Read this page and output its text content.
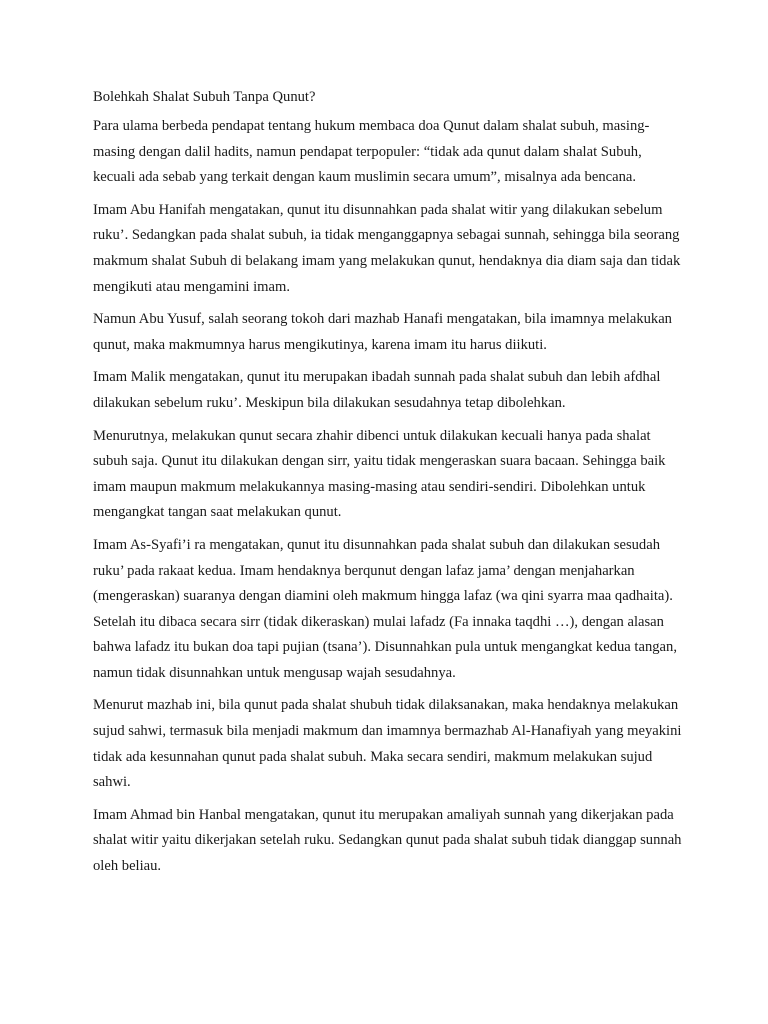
Bolehkah Shalat Subuh Tanpa Qunut?

Para ulama berbeda pendapat tentang hukum membaca doa Qunut dalam shalat subuh, masing-masing dengan dalil hadits, namun pendapat terpopuler: “tidak ada qunut dalam shalat Subuh, kecuali ada sebab yang terkait dengan kaum muslimin secara umum”, misalnya ada bencana.

Imam Abu Hanifah mengatakan, qunut itu disunnahkan pada shalat witir yang dilakukan sebelum ruku’. Sedangkan pada shalat subuh, ia tidak menganggapnya sebagai sunnah, sehingga bila seorang makmum shalat Subuh di belakang imam yang melakukan qunut, hendaknya dia diam saja dan tidak mengikuti atau mengamini imam.

Namun Abu Yusuf, salah seorang tokoh dari mazhab Hanafi mengatakan, bila imamnya melakukan qunut, maka makmumnya harus mengikutinya, karena imam itu harus diikuti.

Imam Malik mengatakan, qunut itu merupakan ibadah sunnah pada shalat subuh dan lebih afdhal dilakukan sebelum ruku’. Meskipun bila dilakukan sesudahnya tetap dibolehkan.

Menurutnya, melakukan qunut secara zhahir dibenci untuk dilakukan kecuali hanya pada shalat subuh saja. Qunut itu dilakukan dengan sirr, yaitu tidak mengeraskan suara bacaan. Sehingga baik imam maupun makmum melakukannya masing-masing atau sendiri-sendiri. Dibolehkan untuk mengangkat tangan saat melakukan qunut.

Imam As-Syafi’i ra mengatakan, qunut itu disunnahkan pada shalat subuh dan dilakukan sesudah ruku’ pada rakaat kedua. Imam hendaknya berqunut dengan lafaz jama’ dengan menjaharkan (mengeraskan) suaranya dengan diamini oleh makmum hingga lafaz (wa qini syarra maa qadhaita). Setelah itu dibaca secara sirr (tidak dikeraskan) mulai lafadz (Fa innaka taqdhi …), dengan alasan bahwa lafadz itu bukan doa tapi pujian (tsana’). Disunnahkan pula untuk mengangkat kedua tangan, namun tidak disunnahkan untuk mengusap wajah sesudahnya.

Menurut mazhab ini, bila qunut pada shalat shubuh tidak dilaksanakan, maka hendaknya melakukan sujud sahwi, termasuk bila menjadi makmum dan imamnya bermazhab Al-Hanafiyah yang meyakini tidak ada kesunnahan qunut pada shalat subuh. Maka secara sendiri, makmum melakukan sujud sahwi.

Imam Ahmad bin Hanbal mengatakan, qunut itu merupakan amaliyah sunnah yang dikerjakan pada shalat witir yaitu dikerjakan setelah ruku. Sedangkan qunut pada shalat subuh tidak dianggap sunnah oleh beliau.
